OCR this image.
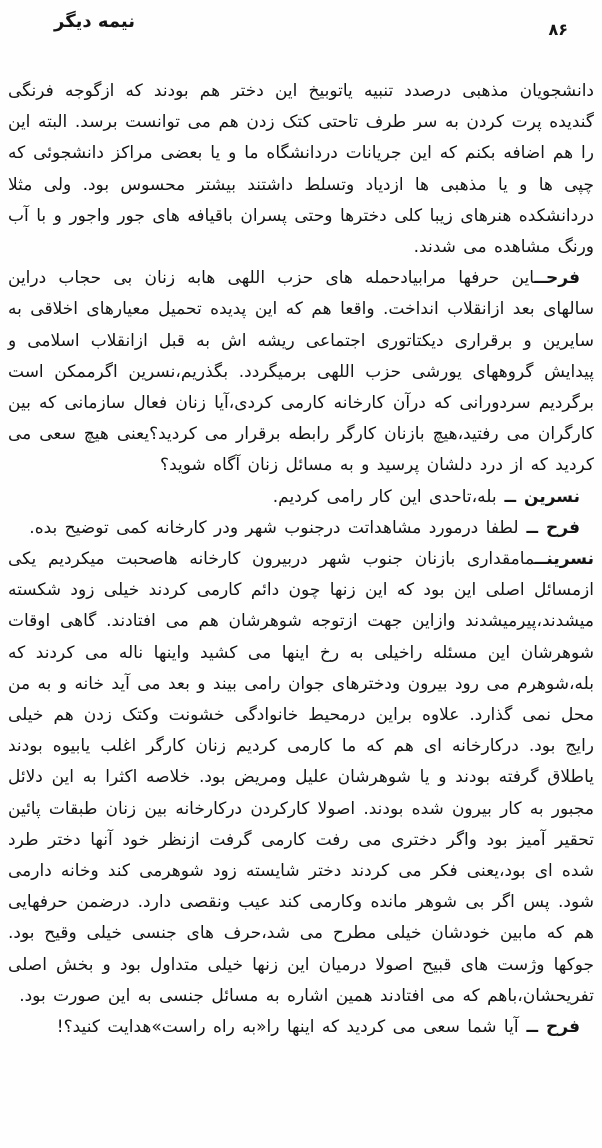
نیمه دیگر	۸۶

دانشجویان مذهبی درصدد تنبیه یاتوبیخ این دختر هم بودند که ازگوجه فرنگی گندیده پرت کردن به سر طرف تاحتی کتک زدن هم می توانست برسد. البته این را هم اضافه بکنم که این جریانات دردانشگاه ما و یا بعضی مراکز دانشجوئی که چپی ها و یا مذهبی ها ازدیاد وتسلط داشتند بیشتر محسوس بود. ولی مثلا دردانشکده هنرهای زیبا کلی دخترها وحتی پسران باقیافه های جور واجور و با آب ورنگ مشاهده می شدند.

فرحــاین حرفها مرابیادحمله های حزب اللهی هابه زنان بی حجاب دراین سالهای بعد ازانقلاب انداخت. واقعا هم که این پدیده تحمیل معیارهای اخلاقی به سایرین و برقراری دیکتاتوری اجتماعی ریشه اش به قبل ازانقلاب اسلامی و پیدایش گروههای یورشی حزب اللهی برمیگردد. بگذریم،نسرین اگرممکن است برگردیم سردورانی که درآن کارخانه کارمی کردی،آیا زنان فعال سازمانی که بین کارگران می رفتید،هیچ بازنان کارگر رابطه برقرار می کردید؟یعنی هیچ سعی می کردید که از درد دلشان پرسید و به مسائل زنان آگاه شوید؟

نسرین ــ بله،تاحدی این کار رامی کردیم.

فرح ــ لطفا درمورد مشاهداتت درجنوب شهر ودر کارخانه کمی توضیح بده.

نسرینــمامقداری بازنان جنوب شهر دربیرون کارخانه هاصحبت میکردیم یکی ازمسائل اصلی این بود که این زنها چون دائم کارمی کردند خیلی زود شکسته میشدند،پیرمیشدند وازاین جهت ازتوجه شوهرشان هم می افتادند. گاهی اوقات شوهرشان این مسئله راخیلی به رخ اینها می کشید واینها ناله می کردند که بله،شوهرم می رود بیرون ودخترهای جوان رامی بیند و بعد می آید خانه و به من محل نمی گذارد. علاوه براین درمحیط خانوادگی خشونت وکتک زدن هم خیلی رایج بود. درکارخانه ای هم که ما کارمی کردیم زنان کارگر اغلب یابیوه بودند یاطلاق گرفته بودند و یا شوهرشان علیل ومریض بود. خلاصه اکثرا به این دلائل مجبور به کار بیرون شده بودند. اصولا کارکردن درکارخانه بین زنان طبقات پائین تحقیر آمیز بود واگر دختری می رفت کارمی گرفت ازنظر خود آنها دختر طرد شده ای بود،یعنی فکر می کردند دختر شایسته زود شوهرمی کند وخانه دارمی شود. پس اگر بی شوهر مانده وکارمی کند عیب ونقصی دارد. درضمن حرفهایی هم که مابین خودشان خیلی مطرح می شد،حرف های جنسی خیلی وقیح بود. جوکها وژست های قبیح اصولا درمیان این زنها خیلی متداول بود و بخش اصلی تفریحشان،باهم که می افتادند همین اشاره به مسائل جنسی به این صورت بود.

فرح ــ آیا شما سعی می کردید که اینها را«به راه راست»هدایت کنید؟!
